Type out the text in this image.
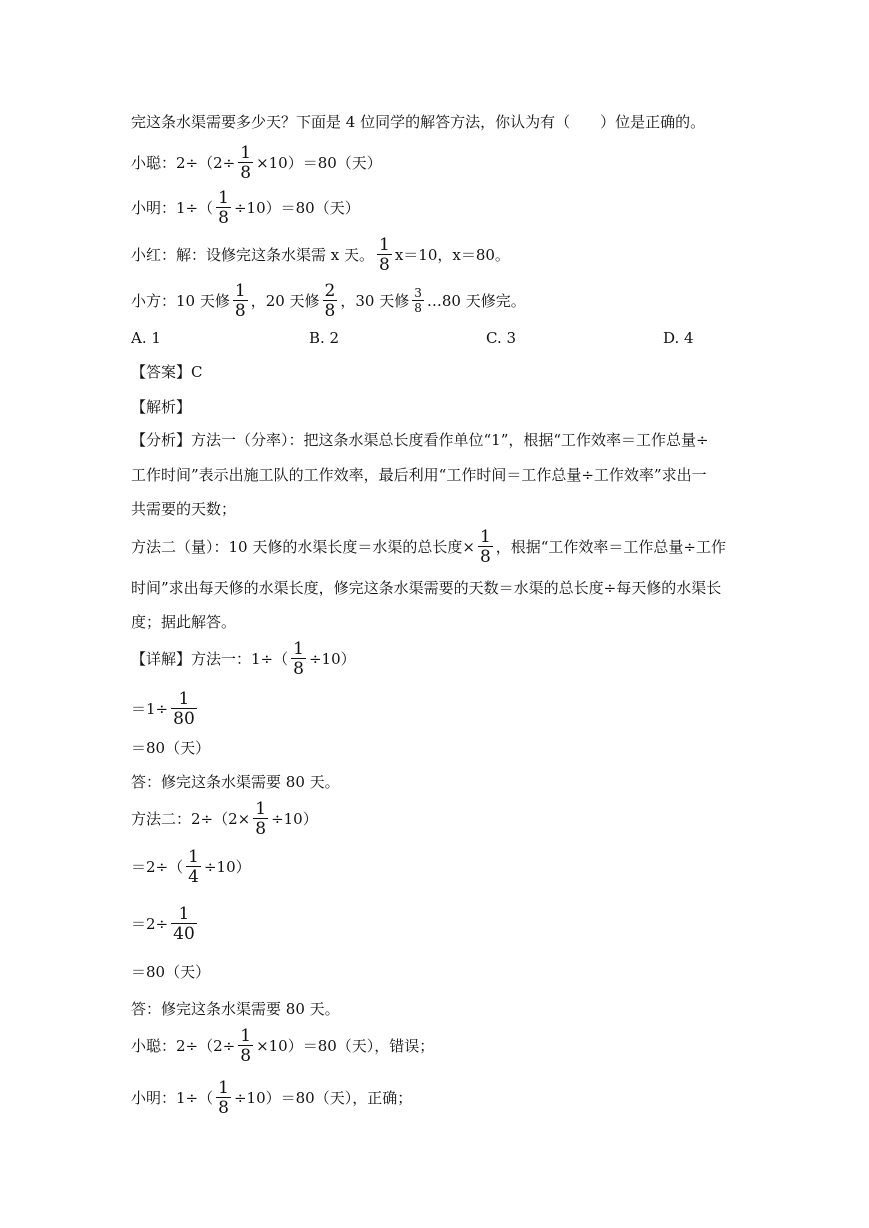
完这条水渠需要多少天？下面是 4 位同学的解答方法，你认为有（　　）位是正确的。
小聪：$2\div(2\div \frac{1}{8} \times 10)=80$（天）
小明：$1\div( \frac{1}{8} \div 10)=80$（天）
小红：解：设修完这条水渠需 x 天。 $\frac{1}{8} x=10$，x＝80。
小方：10 天修 $\frac{1}{8}$ ，20 天修 $\frac{2}{8}$ ，30 天修 $\frac{3}{8}$ …80 天修完。
A. 1	B. 2	C. 3	D. 4
【答案】C
【解析】
【分析】方法一（分率）：把这条水渠总长度看作单位“1”，根据“工作效率＝工作总量÷
工作时间”表示出施工队的工作效率，最后利用“工作时间＝工作总量÷工作效率”求出一
共需要的天数；
方法二（量）：10 天修的水渠长度＝水渠的总长度× $\frac{1}{8}$ ，根据“工作效率＝工作总量÷工作
时间”求出每天修的水渠长度，修完这条水渠需要的天数＝水渠的总长度÷每天修的水渠长
度；据此解答。
【详解】方法一：$1\div( \frac{1}{8} \div 10)$
$=1\div \frac{1}{80}$
＝80（天）
答：修完这条水渠需要 80 天。
方法二：$2\div(2\times \frac{1}{8} \div 10)$
$=2\div( \frac{1}{4} \div 10)$
$=2\div \frac{1}{40}$
＝80（天）
答：修完这条水渠需要 80 天。
小聪：$2\div(2\div \frac{1}{8} \times 10)=80$（天），错误；
小明：$1\div( \frac{1}{8} \div 10)=80$（天），正确；
